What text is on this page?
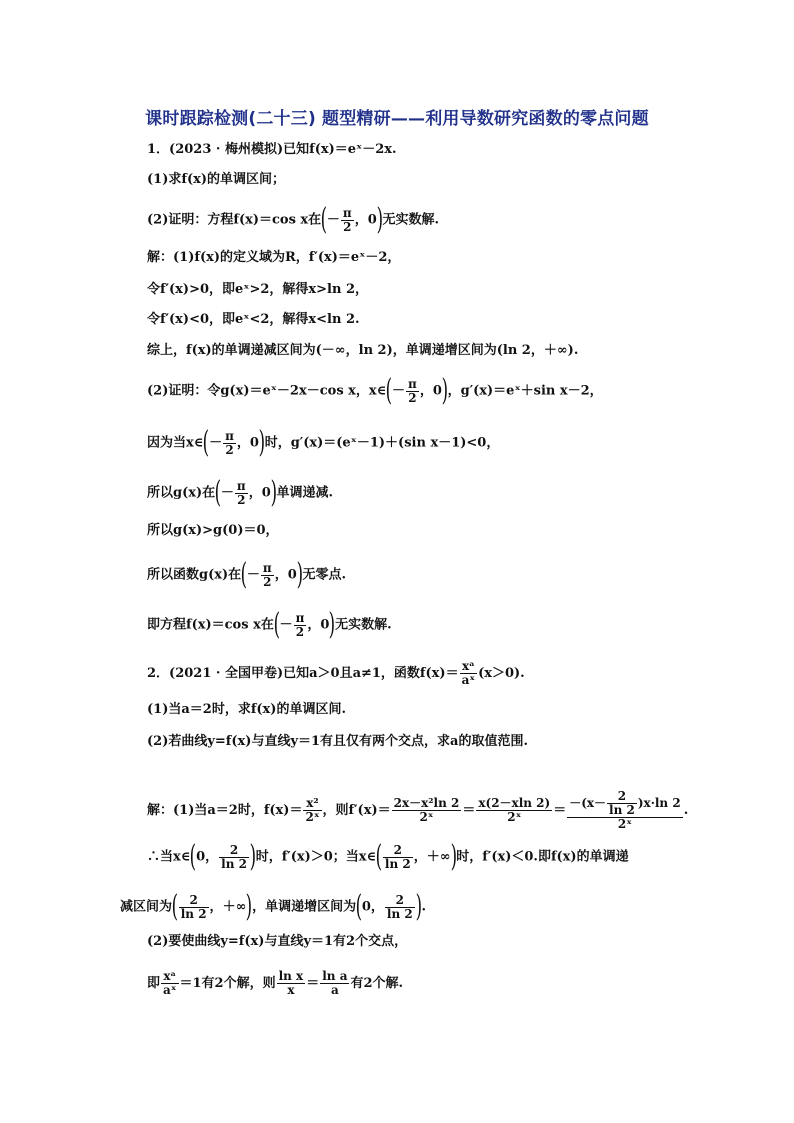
课时跟踪检测(二十三) 题型精研——利用导数研究函数的零点问题
1．(2023 · 梅州模拟)已知f(x)＝eˣ－2x.
(1)求f(x)的单调区间；
(2)证明：方程f(x)＝cos x在(－ $\frac{\pi}{2}$ ，0)无实数解.
解：(1)f(x)的定义域为R，f′(x)＝eˣ－2，
令f′(x)>0，即eˣ>2，解得x>ln 2，
令f′(x)<0，即eˣ<2，解得x<ln 2.
综上，f(x)的单调递减区间为(－∞，ln 2)，单调递增区间为(ln 2，＋∞).
(2)证明：令g(x)＝eˣ－2x－cos x，x∈(－ $\frac{\pi}{2}$ ，0)，g′(x)＝eˣ＋sin x－2，
因为当x∈(－ $\frac{\pi}{2}$ ，0)时，g′(x)＝(eˣ－1)＋(sin x－1)<0，
所以g(x)在(－ $\frac{\pi}{2}$ ，0)单调递减.
所以g(x)>g(0)＝0，
所以函数g(x)在(－ $\frac{\pi}{2}$ ，0)无零点.
即方程f(x)＝cos x在(－ $\frac{\pi}{2}$ ，0)无实数解.
2．(2021 · 全国甲卷)已知a＞0且a≠1，函数$f(x)= \frac{\text{xᵃ}}{\text{aˣ}} (x>0)$.
(1)当a＝2时，求f(x)的单调区间.
(2)若曲线y=f(x)与直线y＝1有且仅有两个交点，求a的取值范围.
解：(1)当a＝2时，$f(x)= \frac{\text{x²}}{\text{2ˣ}}$ ，则$f'(x)= \frac{\text{2x－x²ln 2}}{\text{2ˣ}} = \frac{x(2-xln 2)}{\text{2ˣ}} = \frac{-(x- \frac{2}{\ln 2} )x\cdot\ln 2}{\text{2ˣ}}$ .
∴当x∈(0， $\frac{2}{\ln 2}$ )时，f′(x)＞0；当x∈( $\frac{2}{\ln 2}$ ，＋∞)时，f′(x)＜0.即f(x)的单调递
减区间为( $\frac{2}{\ln 2}$ ，＋∞)，单调递增区间为(0， $\frac{2}{\ln 2}$ ).
(2)要使曲线y=f(x)与直线y＝1有2个交点，
即 $\frac{\text{xᵃ}}{\text{aˣ}} =1$有2个解，则 $\frac{\text{ln x}}{x} = \frac{\text{ln a}}{a}$ 有2个解.
